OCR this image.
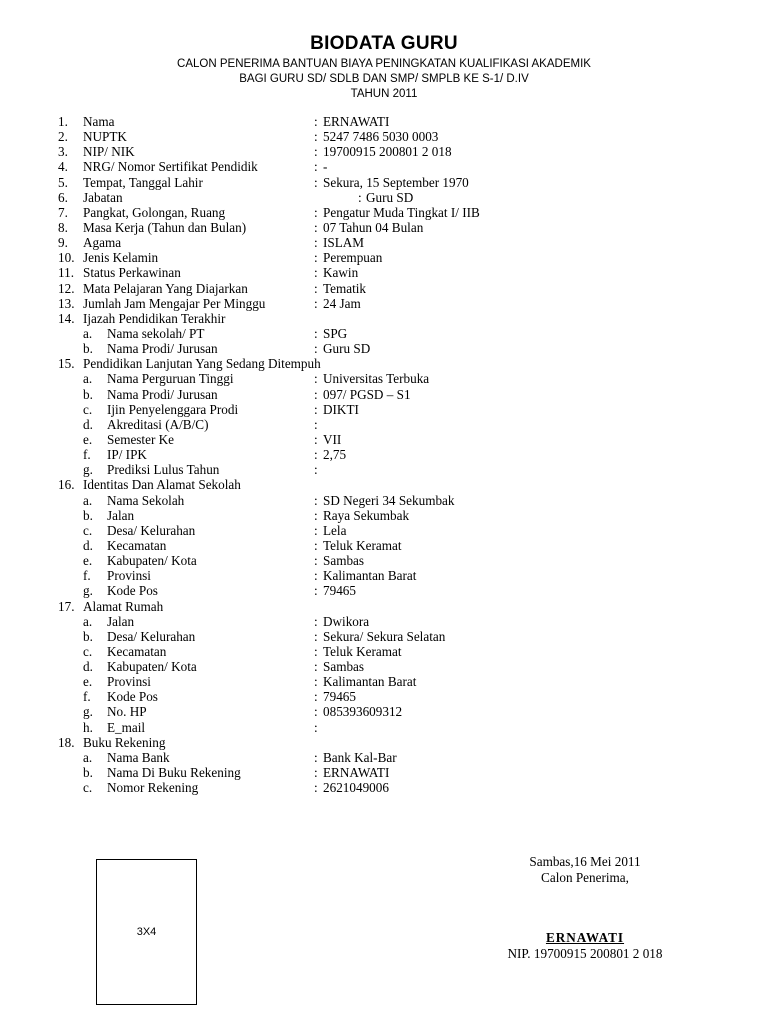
BIODATA GURU
CALON PENERIMA BANTUAN BIAYA PENINGKATAN KUALIFIKASI AKADEMIK
BAGI GURU SD/ SDLB DAN SMP/ SMPLB KE S-1/ D.IV
TAHUN 2011
1. Nama	: ERNAWATI
2. NUPTK	: 5247 7486 5030 0003
3. NIP/ NIK	: 19700915 200801 2 018
4. NRG/ Nomor Sertifikat Pendidik	: -
5. Tempat, Tanggal Lahir	: Sekura, 15 September 1970
6. Jabatan	: Guru SD
7. Pangkat, Golongan, Ruang	: Pengatur Muda Tingkat I/ IIB
8. Masa Kerja (Tahun dan Bulan)	: 07 Tahun 04 Bulan
9. Agama	: ISLAM
10. Jenis Kelamin	: Perempuan
11. Status Perkawinan	: Kawin
12. Mata Pelajaran Yang Diajarkan	: Tematik
13. Jumlah Jam Mengajar Per Minggu	: 24 Jam
14. Ijazah Pendidikan Terakhir
a. Nama sekolah/ PT	: SPG
b. Nama Prodi/ Jurusan	: Guru SD
15. Pendidikan Lanjutan Yang Sedang Ditempuh
a. Nama Perguruan Tinggi	: Universitas Terbuka
b. Nama Prodi/ Jurusan	: 097/ PGSD – S1
c. Ijin Penyelenggara Prodi	: DIKTI
d. Akreditasi (A/B/C)	:
e. Semester Ke	: VII
f. IP/ IPK	: 2,75
g. Prediksi Lulus Tahun	:
16. Identitas Dan Alamat Sekolah
a. Nama Sekolah	: SD Negeri 34 Sekumbak
b. Jalan	: Raya Sekumbak
c. Desa/ Kelurahan	: Lela
d. Kecamatan	: Teluk Keramat
e. Kabupaten/ Kota	: Sambas
f. Provinsi	: Kalimantan Barat
g. Kode Pos	: 79465
17. Alamat Rumah
a. Jalan	: Dwikora
b. Desa/ Kelurahan	: Sekura/ Sekura Selatan
c. Kecamatan	: Teluk Keramat
d. Kabupaten/ Kota	: Sambas
e. Provinsi	: Kalimantan Barat
f. Kode Pos	: 79465
g. No. HP	: 085393609312
h. E_mail	:
18. Buku Rekening
a. Nama Bank	: Bank Kal-Bar
b. Nama Di Buku Rekening	: ERNAWATI
c. Nomor Rekening	: 2621049006
Sambas,16 Mei 2011
Calon Penerima,
ERNAWATI
NIP. 19700915 200801 2 018
3X4
